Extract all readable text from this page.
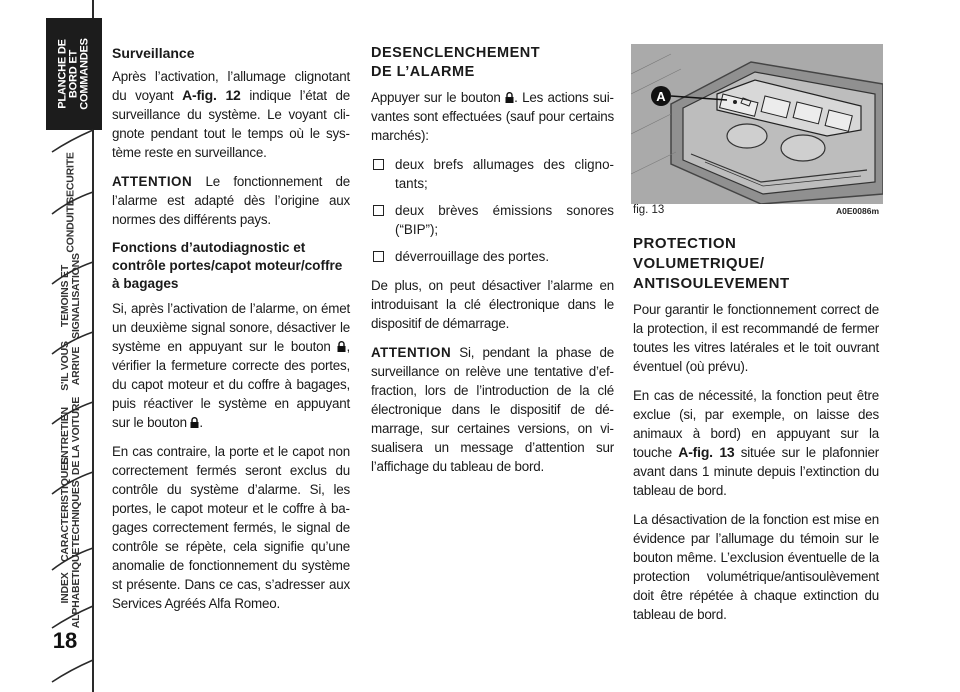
PLANCHE DE
BORD ET
COMMANDES
SECURITE
CONDUITE
TEMOINS ET
SIGNALISATIONS
S'IL VOUS
ARRIVE
ENTRETIEN
DE LA VOITURE
CARACTERISTIQUES
TECHNIQUES
INDEX
ALPHABETIQUE
18
Surveillance

Après l’activation, l’allumage clignotant du voyant A-fig. 12 indique l’état de surveillance du système. Le voyant clignote pendant tout le temps où le système reste en surveillance.

ATTENTION Le fonctionnement de l’alarme est adapté dès l’origine aux normes des différents pays.

Fonctions d’autodiagnostic et contrôle portes/capot moteur/coffre à bagages

Si, après l’activation de l’alarme, on émet un deuxième signal sonore, désactiver le système en appuyant sur le bouton , vérifier la fermeture correcte des portes, du capot moteur et du coffre à bagages, puis réactiver le système en appuyant sur le bouton .

En cas contraire, la porte et le capot non correctement fermés seront exclus du contrôle du système d’alarme. Si, les portes, le capot moteur et le coffre à bagages correctement fermés, le signal de contrôle se répète, cela signifie qu’une anomalie de fonctionnement du système st présente. Dans ce cas, s’adresser aux Services Agréés Alfa Romeo.

DESENCLENCHEMENT
DE L’ALARME

Appuyer sur le bouton . Les actions suivantes sont effectuées (sauf pour certains marchés):

deux brefs allumages des clignotants;
deux brèves émissions sonores (“BIP”);
déverrouillage des portes.

De plus, on peut désactiver l’alarme en introduisant la clé électronique dans le dispositif de démarrage.

ATTENTION Si, pendant la phase de surveillance on relève une tentative d’effraction, lors de l’introduction de la clé électronique dans le dispositif de démarrage, sur certaines versions, on visualisera un message d’attention sur l’affichage du tableau de bord.

A
fig. 13	A0E0086m
PROTECTION
VOLUMETRIQUE/
ANTISOULEVEMENT

Pour garantir le fonctionnement correct de la protection, il est recommandé de fermer toutes les vitres latérales et le toit ouvrant éventuel (où prévu).

En cas de nécessité, la fonction peut être exclue (si, par exemple, on laisse des animaux à bord) en appuyant sur la touche A-fig. 13 située sur le plafonnier avant dans 1 minute depuis l’extinction du tableau de bord.

La désactivation de la fonction est mise en évidence par l’allumage du témoin sur le bouton même. L’exclusion éventuelle de la protection volumétrique/antisoulèvement doit être répétée à chaque extinction du tableau de bord.
